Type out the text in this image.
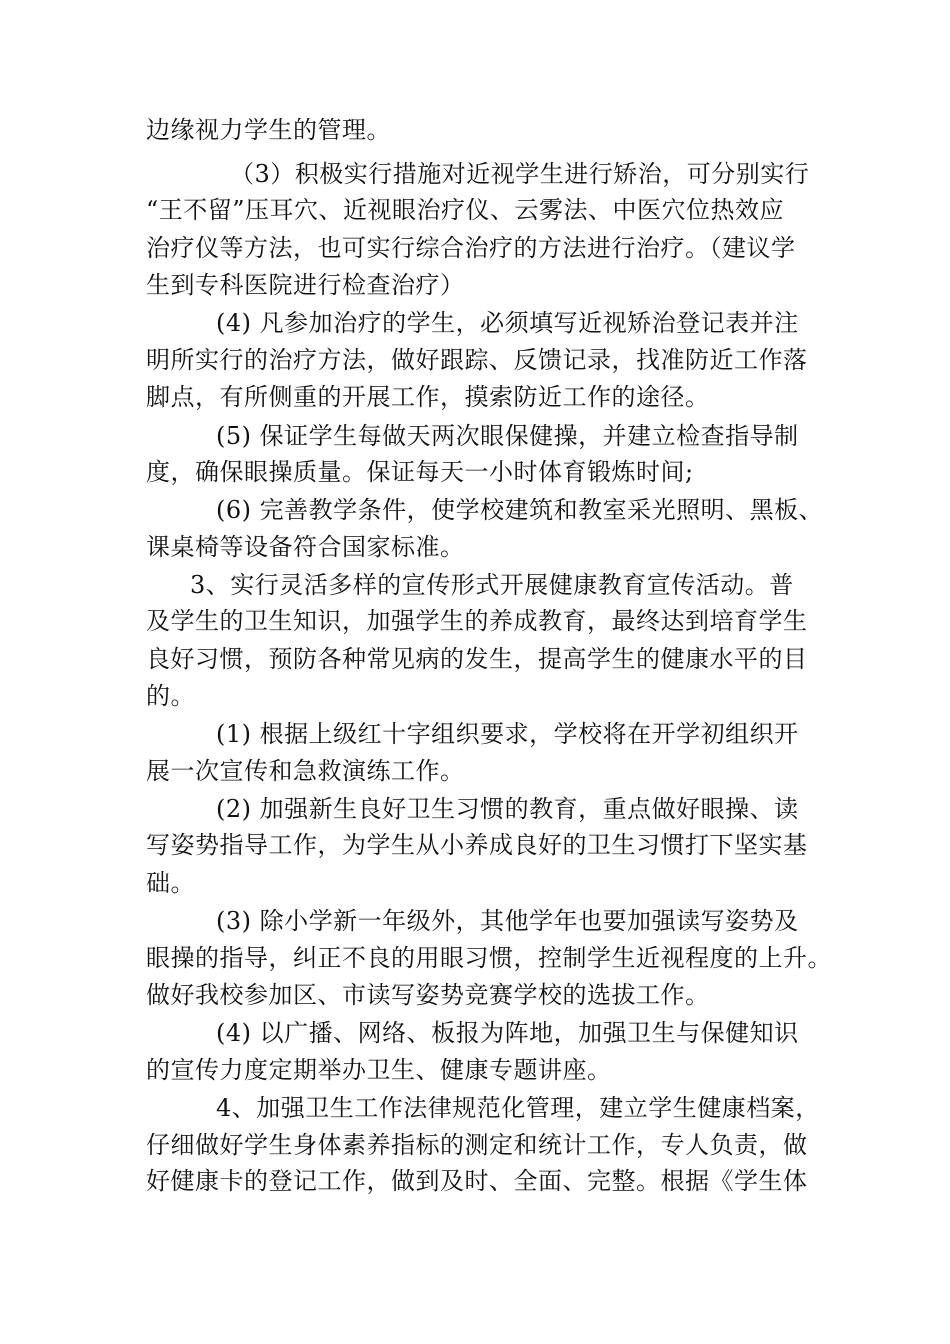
边缘视力学生的管理。
（3）积极实行措施对近视学生进行矫治，可分别实行
“王不留”压耳穴、近视眼治疗仪、云雾法、中医穴位热效应
治疗仪等方法，也可实行综合治疗的方法进行治疗。（建议学
生到专科医院进行检查治疗）
(4) 凡参加治疗的学生，必须填写近视矫治登记表并注
明所实行的治疗方法，做好跟踪、反馈记录，找准防近工作落
脚点，有所侧重的开展工作，摸索防近工作的途径。
(5) 保证学生每做天两次眼保健操，并建立检查指导制
度，确保眼操质量。保证每天一小时体育锻炼时间;
(6) 完善教学条件，使学校建筑和教室采光照明、黑板、
课桌椅等设备符合国家标准。
3、实行灵活多样的宣传形式开展健康教育宣传活动。普
及学生的卫生知识，加强学生的养成教育，最终达到培育学生
良好习惯，预防各种常见病的发生，提高学生的健康水平的目
的。
(1) 根据上级红十字组织要求，学校将在开学初组织开
展一次宣传和急救演练工作。
(2) 加强新生良好卫生习惯的教育，重点做好眼操、读
写姿势指导工作，为学生从小养成良好的卫生习惯打下坚实基
础。
(3) 除小学新一年级外，其他学年也要加强读写姿势及
眼操的指导，纠正不良的用眼习惯，控制学生近视程度的上升。
做好我校参加区、市读写姿势竞赛学校的选拔工作。
(4) 以广播、网络、板报为阵地，加强卫生与保健知识
的宣传力度定期举办卫生、健康专题讲座。
4、加强卫生工作法律规范化管理，建立学生健康档案，
仔细做好学生身体素养指标的测定和统计工作，专人负责，做
好健康卡的登记工作，做到及时、全面、完整。根据《学生体
